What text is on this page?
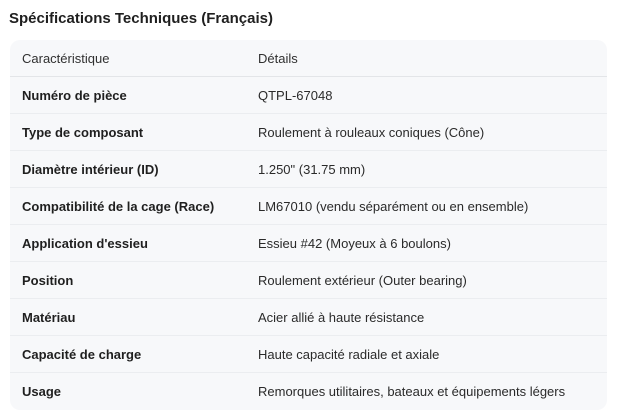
Spécifications Techniques (Français)
Caractéristique	Détails
Numéro de pièce	QTPL-67048
Type de composant	Roulement à rouleaux coniques (Cône)
Diamètre intérieur (ID)	1.250" (31.75 mm)
Compatibilité de la cage (Race)	LM67010 (vendu séparément ou en ensemble)
Application d'essieu	Essieu #42 (Moyeux à 6 boulons)
Position	Roulement extérieur (Outer bearing)
Matériau	Acier allié à haute résistance
Capacité de charge	Haute capacité radiale et axiale
Usage	Remorques utilitaires, bateaux et équipements légers
